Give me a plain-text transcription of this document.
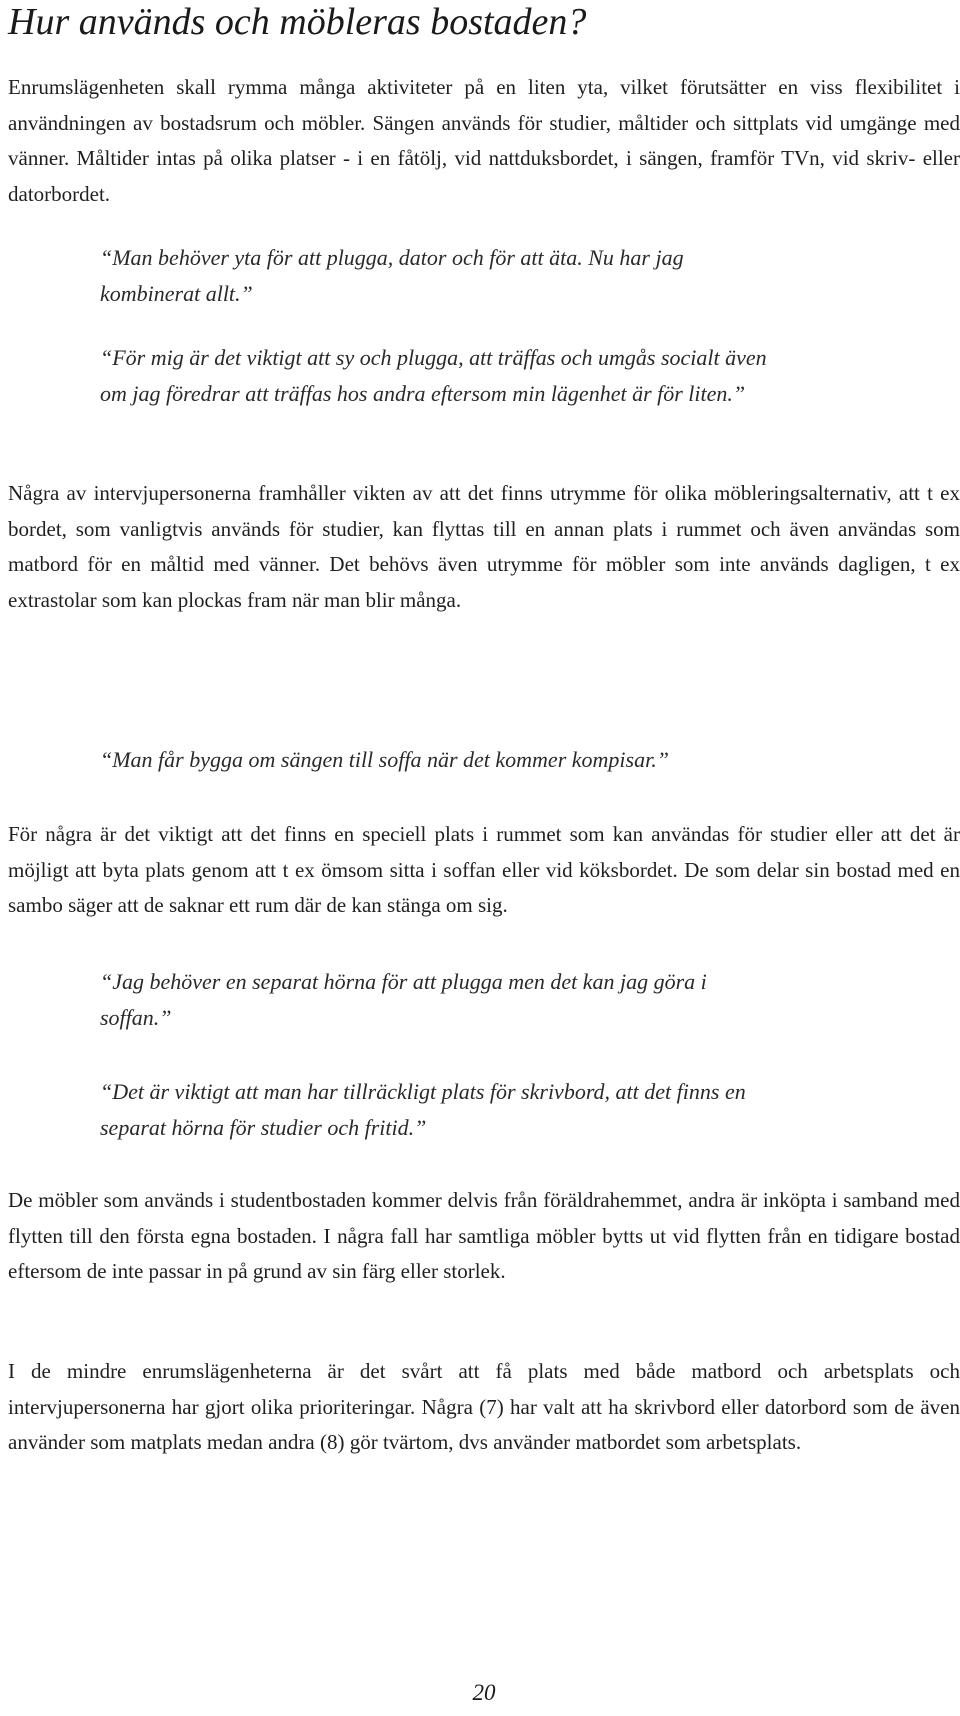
Hur används och möbleras bostaden?

Enrumslägenheten skall rymma många aktiviteter på en liten yta, vilket förutsätter en viss flexibilitet i användningen av bostadsrum och möbler. Sängen används för studier, måltider och sittplats vid umgänge med vänner. Måltider intas på olika platser - i en fåtölj, vid nattduksbordet, i sängen, framför TVn, vid skriv- eller datorbordet.

“Man behöver yta för att plugga, dator och för att äta. Nu har jag kombinerat allt.”

“För mig är det viktigt att sy och plugga, att träffas och umgås socialt även om jag föredrar att träffas hos andra eftersom min lägenhet är för liten.”

Några av intervjupersonerna framhåller vikten av att det finns utrymme för olika möbleringsalternativ, att t ex bordet, som vanligtvis används för studier, kan flyttas till en annan plats i rummet och även användas som matbord för en måltid med vänner. Det behövs även utrymme för möbler som inte används dagligen, t ex extrastolar som kan plockas fram när man blir många.

“Man får bygga om sängen till soffa när det kommer kompisar.”

För några är det viktigt att det finns en speciell plats i rummet som kan användas för studier eller att det är möjligt att byta plats genom att t ex ömsom sitta i soffan eller vid köksbordet. De som delar sin bostad med en sambo säger att de saknar ett rum där de kan stänga om sig.

“Jag behöver en separat hörna för att plugga men det kan jag göra i soffan.”

“Det är viktigt att man har tillräckligt plats för skrivbord, att det finns en separat hörna för studier och fritid.”

De möbler som används i studentbostaden kommer delvis från föräldrahemmet, andra är inköpta i samband med flytten till den första egna bostaden. I några fall har samtliga möbler bytts ut vid flytten från en tidigare bostad eftersom de inte passar in på grund av sin färg eller storlek.

I de mindre enrumslägenheterna är det svårt att få plats med både matbord och arbetsplats och intervjupersonerna har gjort olika prioriteringar. Några (7) har valt att ha skrivbord eller datorbord som de även använder som matplats medan andra (8) gör tvärtom, dvs använder matbordet som arbetsplats.

20
